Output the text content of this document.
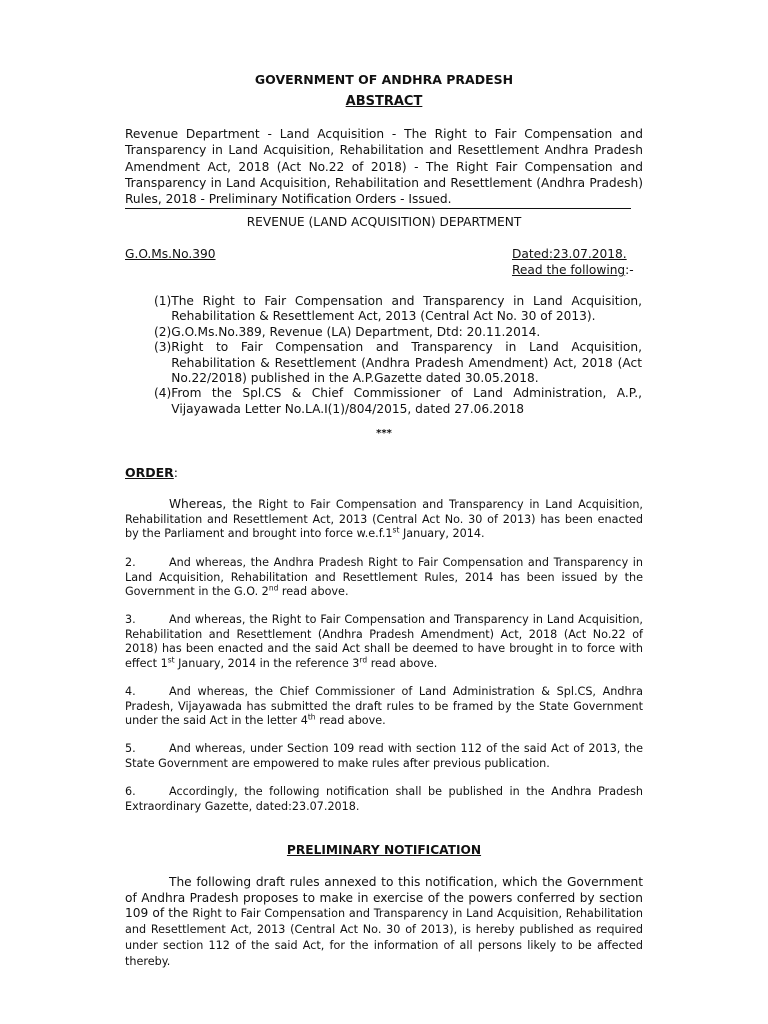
GOVERNMENT OF ANDHRA PRADESH
ABSTRACT
Revenue Department - Land Acquisition - The Right to Fair Compensation and Transparency in Land Acquisition, Rehabilitation and Resettlement Andhra Pradesh Amendment Act, 2018 (Act No.22 of 2018) - The Right Fair Compensation and Transparency in Land Acquisition, Rehabilitation and Resettlement (Andhra Pradesh) Rules, 2018 - Preliminary Notification Orders - Issued.
REVENUE (LAND ACQUISITION) DEPARTMENT
G.O.Ms.No.390	Dated:23.07.2018.
Read the following:-
(1) The Right to Fair Compensation and Transparency in Land Acquisition, Rehabilitation & Resettlement Act, 2013 (Central Act No. 30 of 2013).
(2) G.O.Ms.No.389, Revenue (LA) Department, Dtd: 20.11.2014.
(3) Right to Fair Compensation and Transparency in Land Acquisition, Rehabilitation & Resettlement (Andhra Pradesh Amendment) Act, 2018 (Act No.22/2018) published in the A.P.Gazette dated 30.05.2018.
(4) From the Spl.CS & Chief Commissioner of Land Administration, A.P., Vijayawada Letter No.LA.I(1)/804/2015, dated 27.06.2018
***
ORDER:
Whereas, the Right to Fair Compensation and Transparency in Land Acquisition, Rehabilitation and Resettlement Act, 2013 (Central Act No. 30 of 2013) has been enacted by the Parliament and brought into force w.e.f.1st January, 2014.
2.	And whereas, the Andhra Pradesh Right to Fair Compensation and Transparency in Land Acquisition, Rehabilitation and Resettlement Rules, 2014 has been issued by the Government in the G.O. 2nd read above.
3.	And whereas, the Right to Fair Compensation and Transparency in Land Acquisition, Rehabilitation and Resettlement (Andhra Pradesh Amendment) Act, 2018 (Act No.22 of 2018) has been enacted and the said Act shall be deemed to have brought in to force with effect 1st January, 2014 in the reference 3rd read above.
4.	And whereas, the Chief Commissioner of Land Administration & Spl.CS, Andhra Pradesh, Vijayawada has submitted the draft rules to be framed by the State Government under the said Act in the letter 4th read above.
5.	And whereas, under Section 109 read with section 112 of the said Act of 2013, the State Government are empowered to make rules after previous publication.
6.	Accordingly, the following notification shall be published in the Andhra Pradesh Extraordinary Gazette, dated:23.07.2018.
PRELIMINARY NOTIFICATION
The following draft rules annexed to this notification, which the Government of Andhra Pradesh proposes to make in exercise of the powers conferred by section 109 of the Right to Fair Compensation and Transparency in Land Acquisition, Rehabilitation and Resettlement Act, 2013 (Central Act No. 30 of 2013), is hereby published as required under section 112 of the said Act, for the information of all persons likely to be affected thereby.
